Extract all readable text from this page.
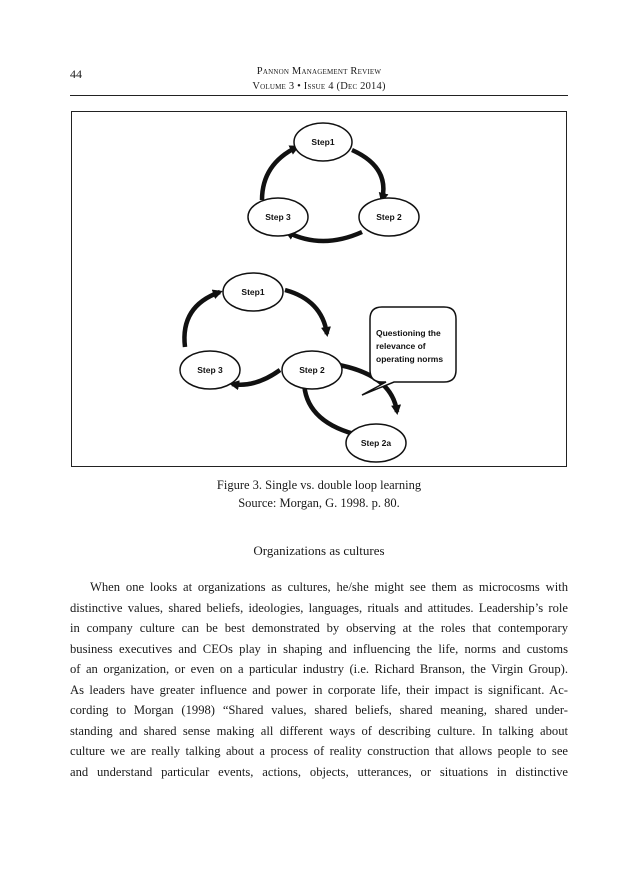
44	Pannon Management Review
Volume 3 • Issue 4 (Dec 2014)
Step1
Step 3	Step 2
Step1
Step 3	Step 2
Step 2a
Questioning the
relevance of
operating norms
Figure 3. Single vs. double loop learning
Source: Morgan, G. 1998. p. 80.
Organizations as cultures
When one looks at organizations as cultures, he/she might see them as microcosms with
distinctive values, shared beliefs, ideologies, languages, rituals and attitudes. Leadership’s role
in company culture can be best demonstrated by observing at the roles that contemporary
business executives and CEOs play in shaping and influencing the life, norms and customs
of an organization, or even on a particular industry (i.e. Richard Branson, the Virgin Group).
As leaders have greater influence and power in corporate life, their impact is significant. Ac-
cording to Morgan (1998) “Shared values, shared beliefs, shared meaning, shared under-
standing and shared sense making all different ways of describing culture. In talking about
culture we are really talking about a process of reality construction that allows people to see
and understand particular events, actions, objects, utterances, or situations in distinctive
